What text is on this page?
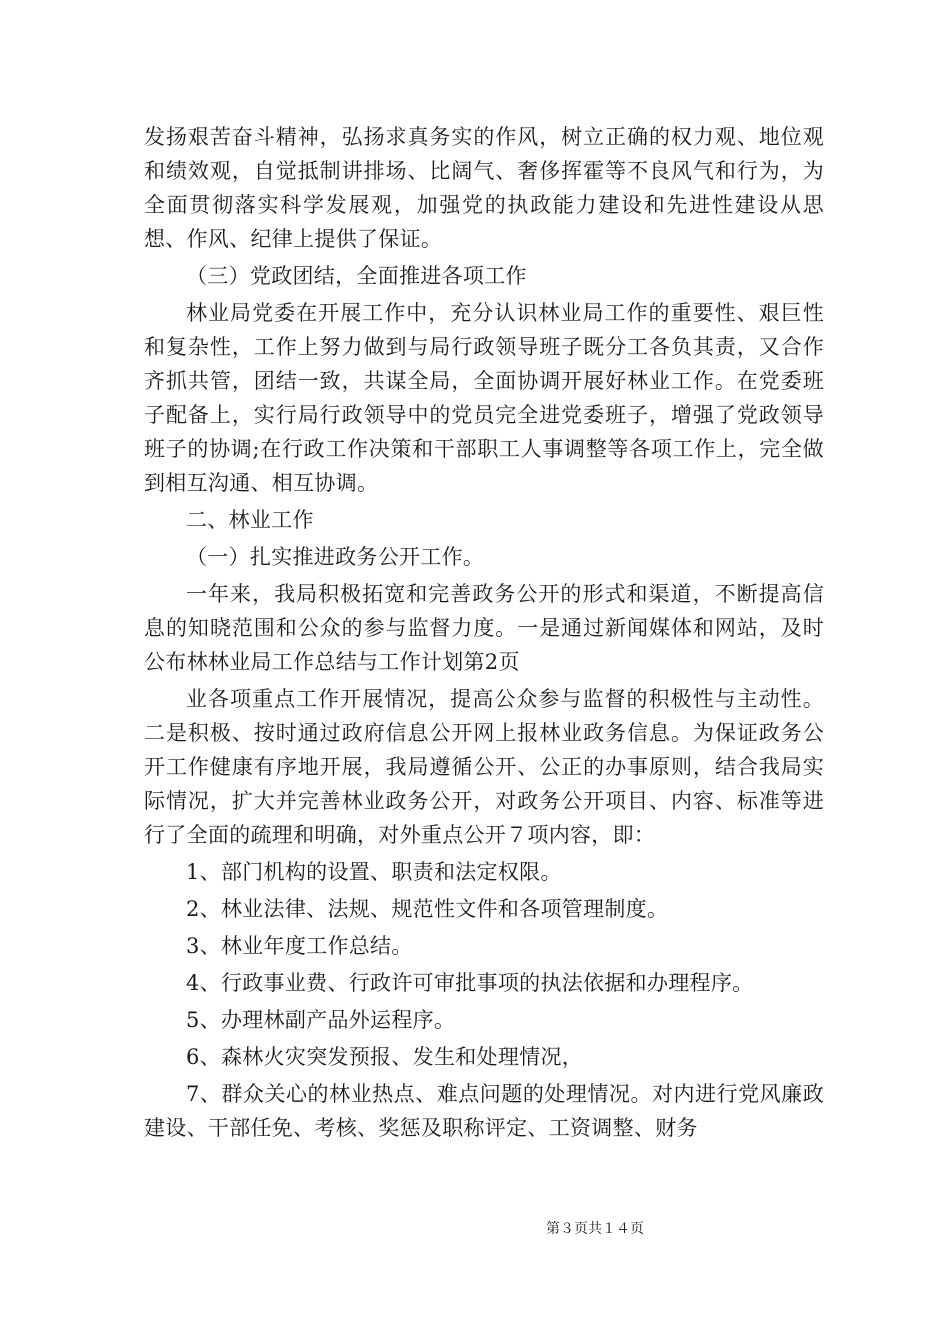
发扬艰苦奋斗精神，弘扬求真务实的作风，树立正确的权力观、地位观和绩效观，自觉抵制讲排场、比阔气、奢侈挥霍等不良风气和行为，为全面贯彻落实科学发展观，加强党的执政能力建设和先进性建设从思想、作风、纪律上提供了保证。

（三）党政团结，全面推进各项工作

林业局党委在开展工作中，充分认识林业局工作的重要性、艰巨性和复杂性，工作上努力做到与局行政领导班子既分工各负其责，又合作齐抓共管，团结一致，共谋全局，全面协调开展好林业工作。在党委班子配备上，实行局行政领导中的党员完全进党委班子，增强了党政领导班子的协调;在行政工作决策和干部职工人事调整等各项工作上，完全做到相互沟通、相互协调。

二、林业工作

（一）扎实推进政务公开工作。

一年来，我局积极拓宽和完善政务公开的形式和渠道，不断提高信息的知晓范围和公众的参与监督力度。一是通过新闻媒体和网站，及时公布林林业局工作总结与工作计划第2页

业各项重点工作开展情况，提高公众参与监督的积极性与主动性。二是积极、按时通过政府信息公开网上报林业政务信息。为保证政务公开工作健康有序地开展，我局遵循公开、公正的办事原则，结合我局实际情况，扩大并完善林业政务公开，对政务公开项目、内容、标准等进行了全面的疏理和明确，对外重点公开７项内容，即：

1、部门机构的设置、职责和法定权限。

2、林业法律、法规、规范性文件和各项管理制度。

3、林业年度工作总结。

4、行政事业费、行政许可审批事项的执法依据和办理程序。

5、办理林副产品外运程序。

6、森林火灾突发预报、发生和处理情况，

7、群众关心的林业热点、难点问题的处理情况。对内进行党风廉政建设、干部任免、考核、奖惩及职称评定、工资调整、财务

第３页共１４页
